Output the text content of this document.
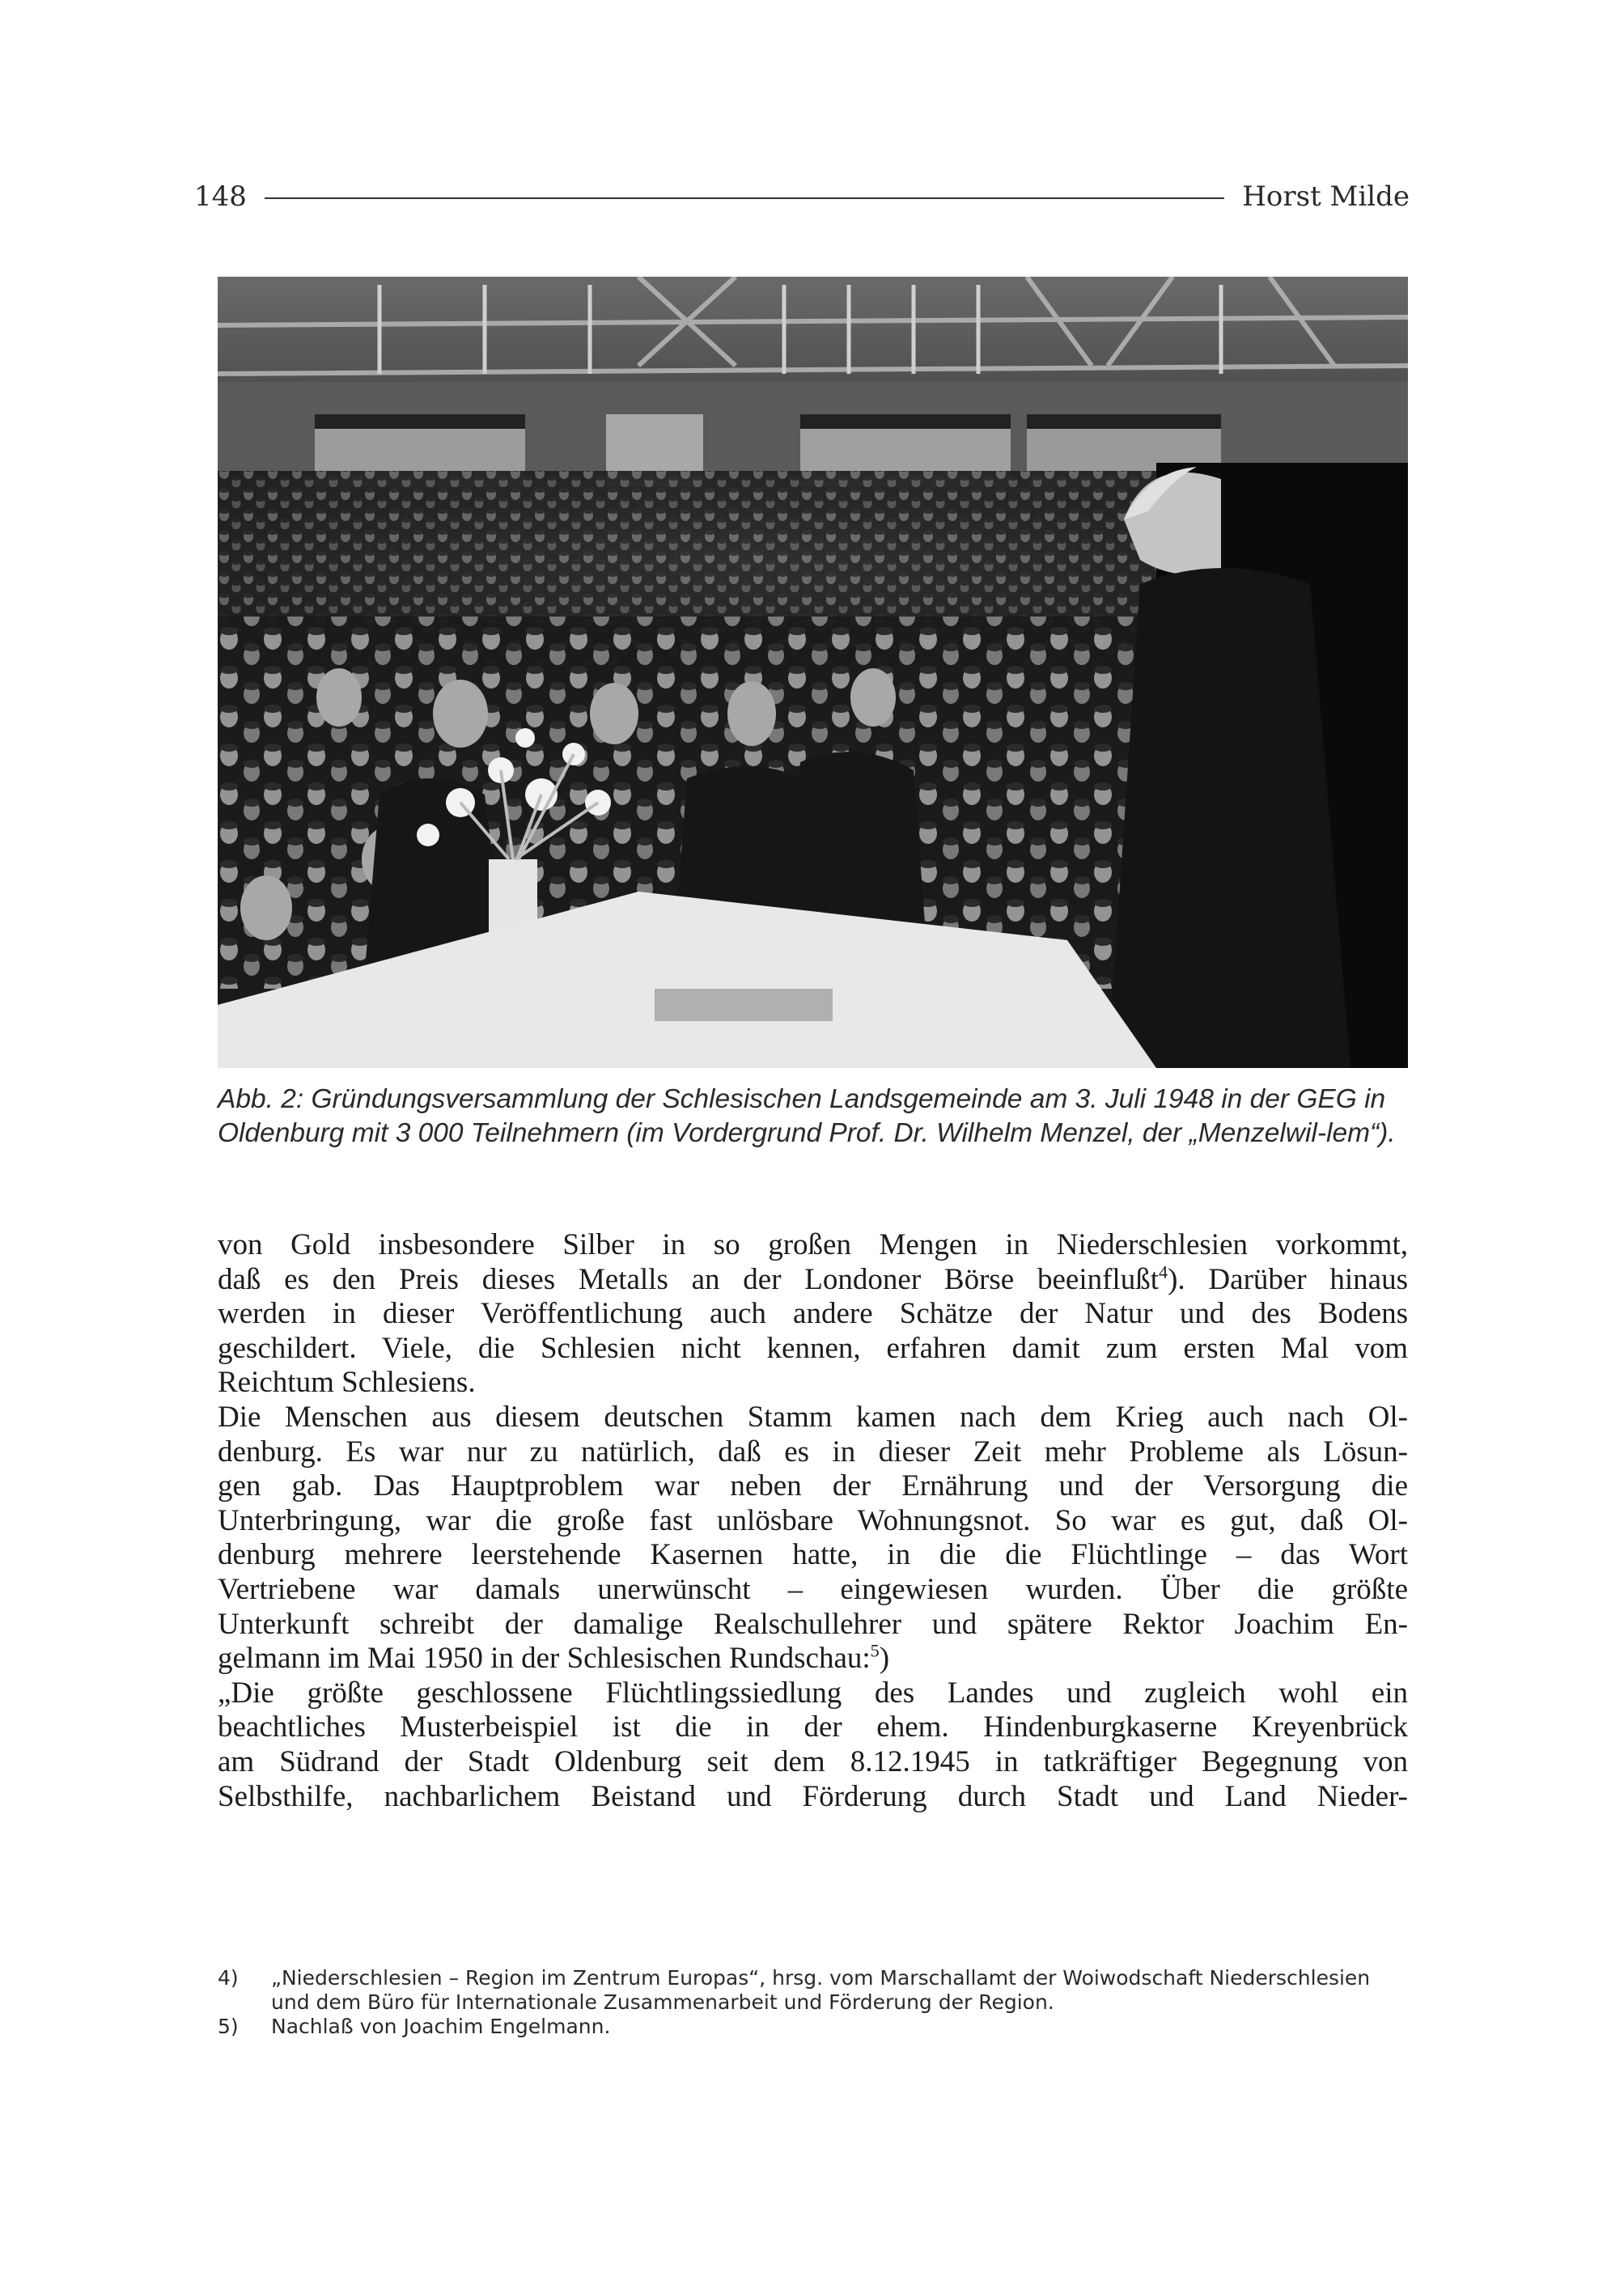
148	Horst Milde

Abb. 2: Gründungsversammlung der Schlesischen Landsgemeinde am 3. Juli 1948 in der GEG in Oldenburg mit 3 000 Teilnehmern (im Vordergrund Prof. Dr. Wilhelm Menzel, der „Menzelwil-lem“).

von Gold insbesondere Silber in so großen Mengen in Niederschlesien vorkommt,
daß es den Preis dieses Metalls an der Londoner Börse beeinflußt$^4$). Darüber hinaus
werden in dieser Veröffentlichung auch andere Schätze der Natur und des Bodens
geschildert. Viele, die Schlesien nicht kennen, erfahren damit zum ersten Mal vom
Reichtum Schlesiens.
Die Menschen aus diesem deutschen Stamm kamen nach dem Krieg auch nach Ol-
denburg. Es war nur zu natürlich, daß es in dieser Zeit mehr Probleme als Lösun-
gen gab. Das Hauptproblem war neben der Ernährung und der Versorgung die
Unterbringung, war die große fast unlösbare Wohnungsnot. So war es gut, daß Ol-
denburg mehrere leerstehende Kasernen hatte, in die die Flüchtlinge – das Wort
Vertriebene war damals unerwünscht – eingewiesen wurden. Über die größte
Unterkunft schreibt der damalige Realschullehrer und spätere Rektor Joachim En-
gelmann im Mai 1950 in der Schlesischen Rundschau:$^5$)
„Die größte geschlossene Flüchtlingssiedlung des Landes und zugleich wohl ein
beachtliches Musterbeispiel ist die in der ehem. Hindenburgkaserne Kreyenbrück
am Südrand der Stadt Oldenburg seit dem 8.12.1945 in tatkräftiger Begegnung von
Selbsthilfe, nachbarlichem Beistand und Förderung durch Stadt und Land Nieder-
4)	„Niederschlesien – Region im Zentrum Europas“, hrsg. vom Marschallamt der Woiwodschaft Niederschlesien und dem Büro für Internationale Zusammenarbeit und Förderung der Region.
5)	Nachlaß von Joachim Engelmann.
